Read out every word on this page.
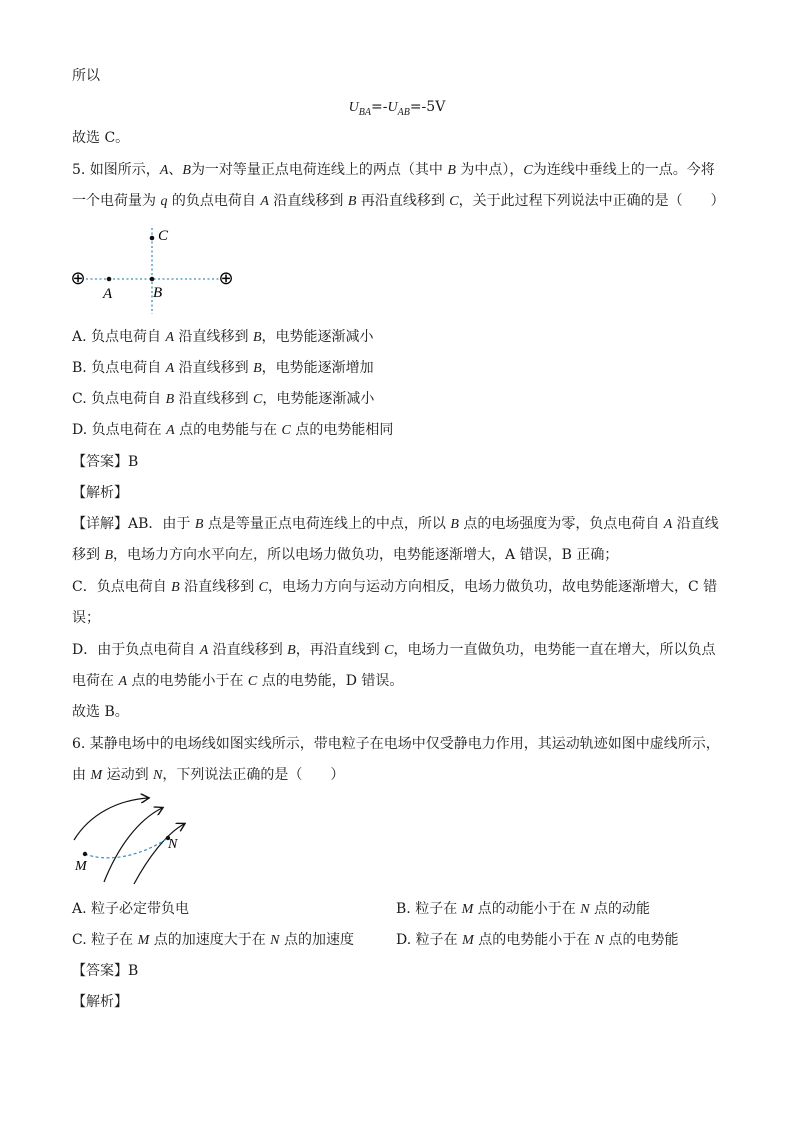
所以
$U_{BA}=-U_{AB}=-5V$
故选 C。
5. 如图所示，A、B为一对等量正点电荷连线上的两点（其中 B 为中点），C为连线中垂线上的一点。今将
一个电荷量为 q 的负点电荷自 A 沿直线移到 B 再沿直线移到 C，关于此过程下列说法中正确的是（　　）
⊕	⊕
A	B
C
A. 负点电荷自 A 沿直线移到 B，电势能逐渐减小
B. 负点电荷自 A 沿直线移到 B，电势能逐渐增加
C. 负点电荷自 B 沿直线移到 C，电势能逐渐减小
D. 负点电荷在 A 点的电势能与在 C 点的电势能相同
【答案】B
【解析】
【详解】AB．由于 B 点是等量正点电荷连线上的中点，所以 B 点的电场强度为零，负点电荷自 A 沿直线
移到 B，电场力方向水平向左，所以电场力做负功，电势能逐渐增大，A 错误，B 正确；
C．负点电荷自 B 沿直线移到 C，电场力方向与运动方向相反，电场力做负功，故电势能逐渐增大，C 错
误；
D．由于负点电荷自 A 沿直线移到 B，再沿直线到 C，电场力一直做负功，电势能一直在增大，所以负点
电荷在 A 点的电势能小于在 C 点的电势能，D 错误。
故选 B。
6. 某静电场中的电场线如图实线所示，带电粒子在电场中仅受静电力作用，其运动轨迹如图中虚线所示，
由 M 运动到 N，下列说法正确的是（　　）
M
N
A. 粒子必定带负电	B. 粒子在 M 点的动能小于在 N 点的动能
C. 粒子在 M 点的加速度大于在 N 点的加速度	D. 粒子在 M 点的电势能小于在 N 点的电势能
【答案】B
【解析】
